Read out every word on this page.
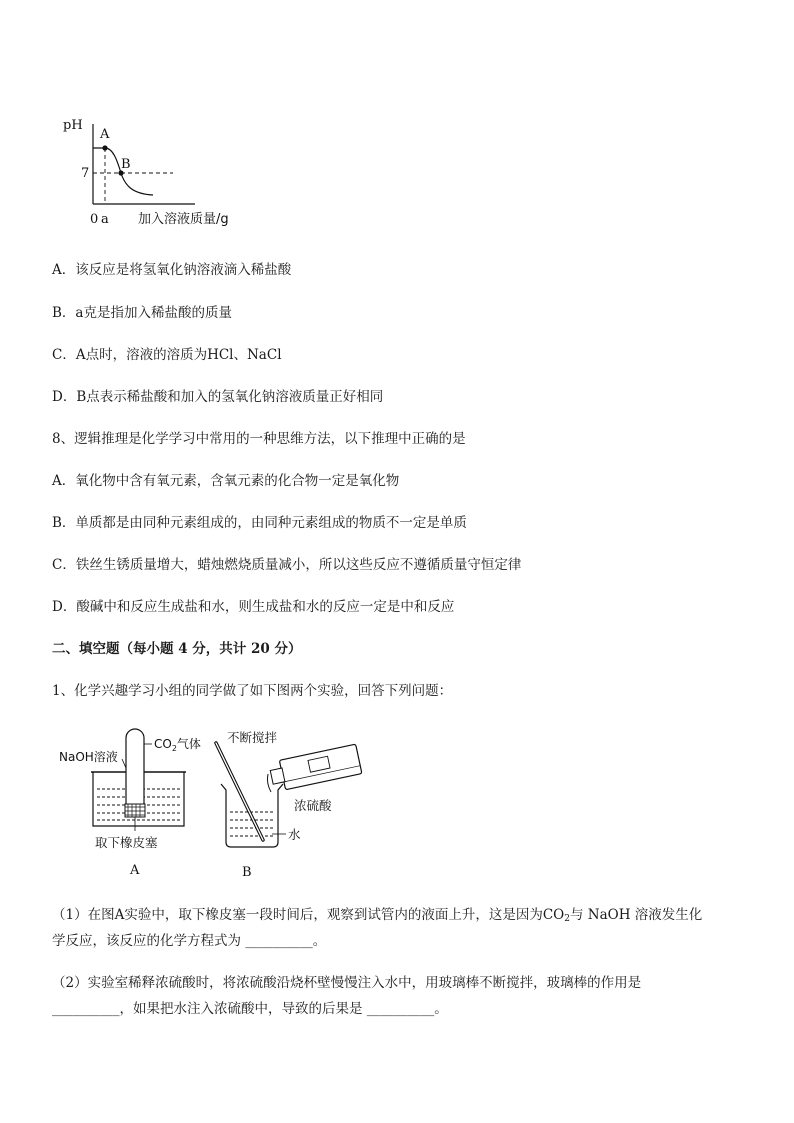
pH
7
A
B
0 a 加入溶液质量/g
A．该反应是将氢氧化钠溶液滴入稀盐酸
B．a克是指加入稀盐酸的质量
C．A点时，溶液的溶质为HCl、NaCl
D．B点表示稀盐酸和加入的氢氧化钠溶液质量正好相同
8、逻辑推理是化学学习中常用的一种思维方法，以下推理中正确的是
A．氧化物中含有氧元素，含氧元素的化合物一定是氧化物
B．单质都是由同种元素组成的，由同种元素组成的物质不一定是单质
C．铁丝生锈质量增大，蜡烛燃烧质量减小，所以这些反应不遵循质量守恒定律
D．酸碱中和反应生成盐和水，则生成盐和水的反应一定是中和反应
二、填空题（每小题 4 分，共计 20 分）
1、化学兴趣学习小组的同学做了如下图两个实验，回答下列问题：
NaOH溶液
$CO_2$气体
取下橡皮塞
A
不断搅拌
浓硫酸
水
B
（1）在图A实验中，取下橡皮塞一段时间后，观察到试管内的液面上升，这是因为$CO_2$与 NaOH 溶液发生化
学反应，该反应的化学方程式为 __________。
（2）实验室稀释浓硫酸时，将浓硫酸沿烧杯壁慢慢注入水中，用玻璃棒不断搅拌，玻璃棒的作用是
__________，如果把水注入浓硫酸中，导致的后果是 __________。
